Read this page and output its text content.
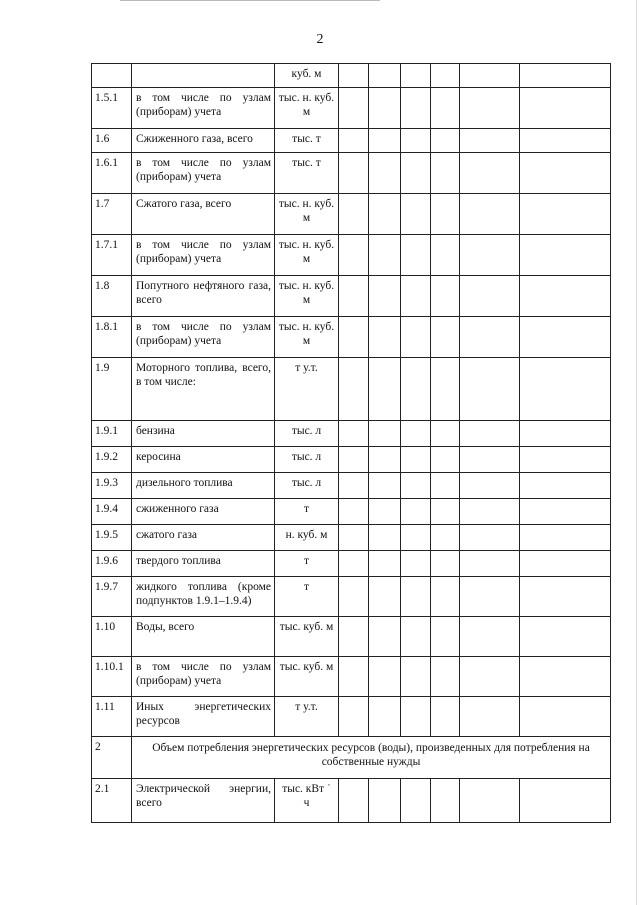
2
		куб. м						
1.5.1	в том числе по узлам (приборам) учета	тыс. н. куб. м						
1.6	Сжиженного газа, всего	тыс. т						
1.6.1	в том числе по узлам (приборам) учета	тыс. т						
1.7	Сжатого газа, всего	тыс. н. куб. м						
1.7.1	в том числе по узлам (приборам) учета	тыс. н. куб. м						
1.8	Попутного нефтяного газа, всего	тыс. н. куб. м						
1.8.1	в том числе по узлам (приборам) учета	тыс. н. куб. м						
1.9	Моторного топлива, всего, в том числе:	т у.т.						
1.9.1	бензина	тыс. л						
1.9.2	керосина	тыс. л						
1.9.3	дизельного топлива	тыс. л						
1.9.4	сжиженного газа	т						
1.9.5	сжатого газа	н. куб. м						
1.9.6	твердого топлива	т						
1.9.7	жидкого топлива (кроме подпунктов 1.9.1–1.9.4)	т						
1.10	Воды, всего	тыс. куб. м						
1.10.1	в том числе по узлам (приборам) учета	тыс. куб. м						
1.11	Иных энергетических ресурсов	т у.т.						
2	Объем потребления энергетических ресурсов (воды), произведенных для потребления на собственные нужды							
2.1	Электрической энергии, всего	тыс. кВт ˙ ч						
